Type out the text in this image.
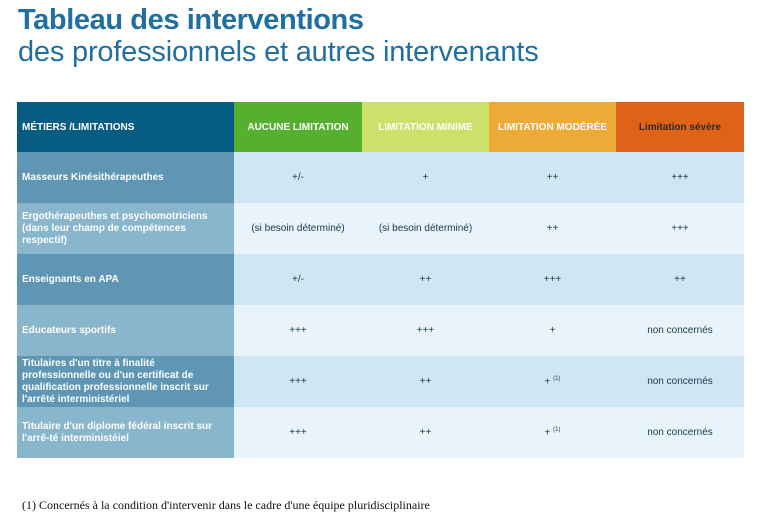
Tableau des interventions
des professionnels et autres intervenants
MÉTIERS /LIMITATIONS	AUCUNE LIMITATION	LIMITATION MINIME	LIMITATION MODÉRÉE	Limitation sévère
Masseurs Kinésithérapeuthes	+/-	+	++	+++
Ergothérapeuthes et psychomotriciens (dans leur champ de compétences respectif)	(si besoin déterminé)	(si besoin déterminé)	++	+++
Enseignants en APA	+/-	++	+++	++
Educateurs sportifs	+++	+++	+	non concernés
Titulaires d'un titre à finalité professionnelle ou d'un certificat de qualification professionnelle inscrit sur l'arrêté interministériel	+++	++	+ $^{(1)}$	non concernés
Titulaire d'un diplome fédéral inscrit sur l'arrê-té interministéiel	+++	++	+ $^{(1)}$	non concernés
(1) Concernés à la condition d'intervenir dans le cadre d'une équipe pluridisciplinaire
